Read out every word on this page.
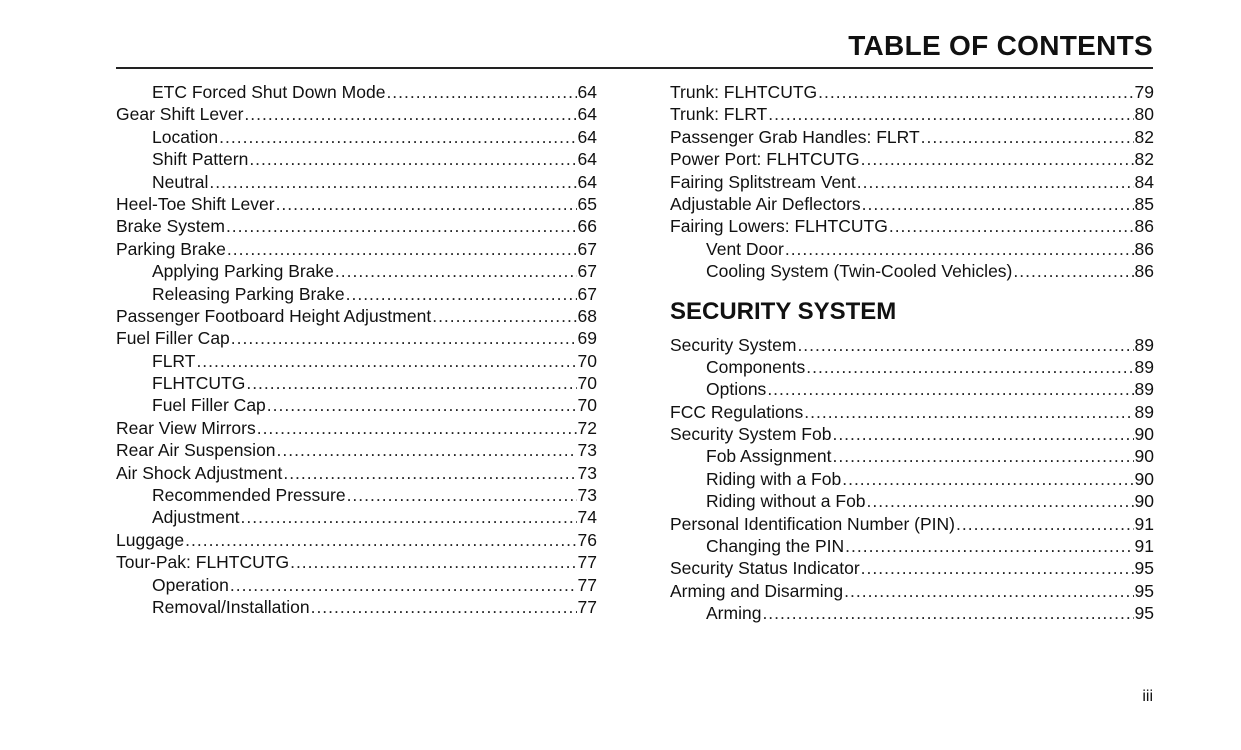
TABLE OF CONTENTS
ETC Forced Shut Down Mode .....	64
Gear Shift Lever .....	64
Location .....	64
Shift Pattern .....	64
Neutral .....	64
Heel-Toe Shift Lever .....	65
Brake System .....	66
Parking Brake .....	67
Applying Parking Brake .....	67
Releasing Parking Brake .....	67
Passenger Footboard Height Adjustment .....	68
Fuel Filler Cap .....	69
FLRT .....	70
FLHTCUTG .....	70
Fuel Filler Cap .....	70
Rear View Mirrors .....	72
Rear Air Suspension .....	73
Air Shock Adjustment .....	73
Recommended Pressure .....	73
Adjustment .....	74
Luggage .....	76
Tour-Pak: FLHTCUTG .....	77
Operation .....	77
Removal/Installation .....	77
Trunk: FLHTCUTG .....	79
Trunk: FLRT .....	80
Passenger Grab Handles: FLRT .....	82
Power Port: FLHTCUTG .....	82
Fairing Splitstream Vent .....	84
Adjustable Air Deflectors .....	85
Fairing Lowers: FLHTCUTG .....	86
Vent Door .....	86
Cooling System (Twin-Cooled Vehicles) .....	86
SECURITY SYSTEM
Security System .....	89
Components .....	89
Options .....	89
FCC Regulations .....	89
Security System Fob .....	90
Fob Assignment .....	90
Riding with a Fob .....	90
Riding without a Fob .....	90
Personal Identification Number (PIN) .....	91
Changing the PIN .....	91
Security Status Indicator .....	95
Arming and Disarming .....	95
Arming .....	95
iii
